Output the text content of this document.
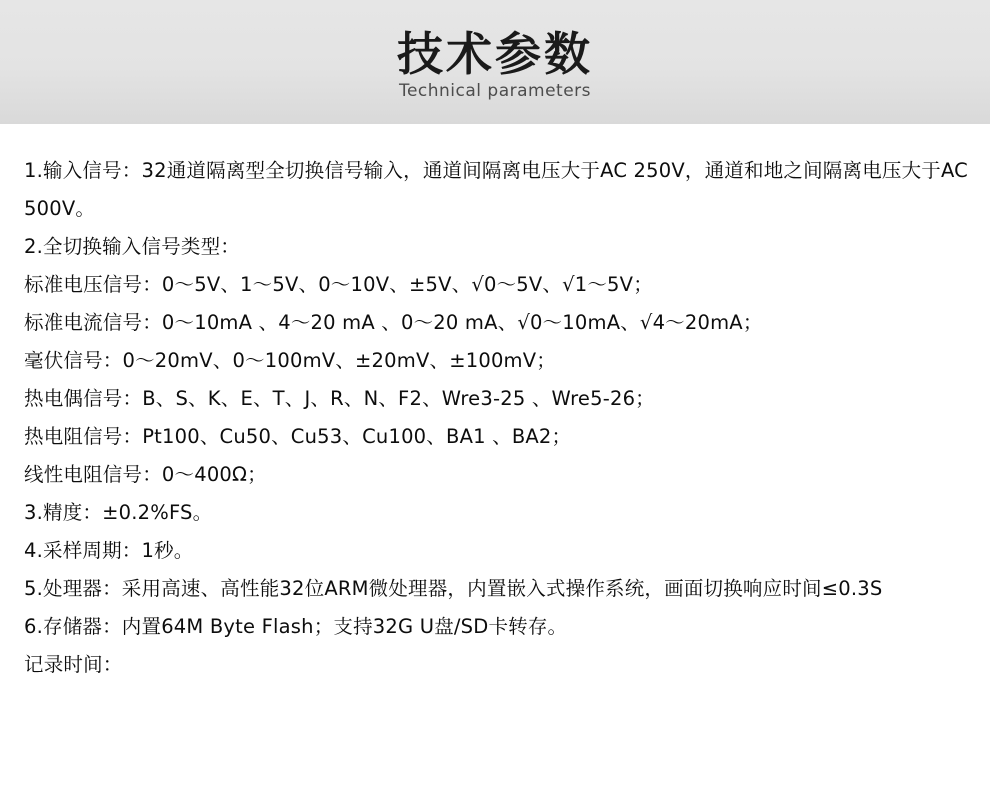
技术参数
Technical parameters
1.输入信号：32通道隔离型全切换信号输入，通道间隔离电压大于AC 250V，通道和地之间隔离电压大于AC 500V。
2.全切换输入信号类型：
标准电压信号：0～5V、1～5V、0～10V、±5V、√0～5V、√1～5V；
标准电流信号：0～10mA 、4～20 mA 、0～20 mA、√0～10mA、√4～20mA；
毫伏信号：0～20mV、0～100mV、±20mV、±100mV；
热电偶信号：B、S、K、E、T、J、R、N、F2、Wre3-25 、Wre5-26；
热电阻信号：Pt100、Cu50、Cu53、Cu100、BA1 、BA2；
线性电阻信号：0～400Ω；
3.精度：±0.2%FS。
4.采样周期：1秒。
5.处理器：采用高速、高性能32位ARM微处理器，内置嵌入式操作系统，画面切换响应时间≤0.3S
6.存储器：内置64M Byte Flash；支持32G U盘/SD卡转存。
记录时间：
